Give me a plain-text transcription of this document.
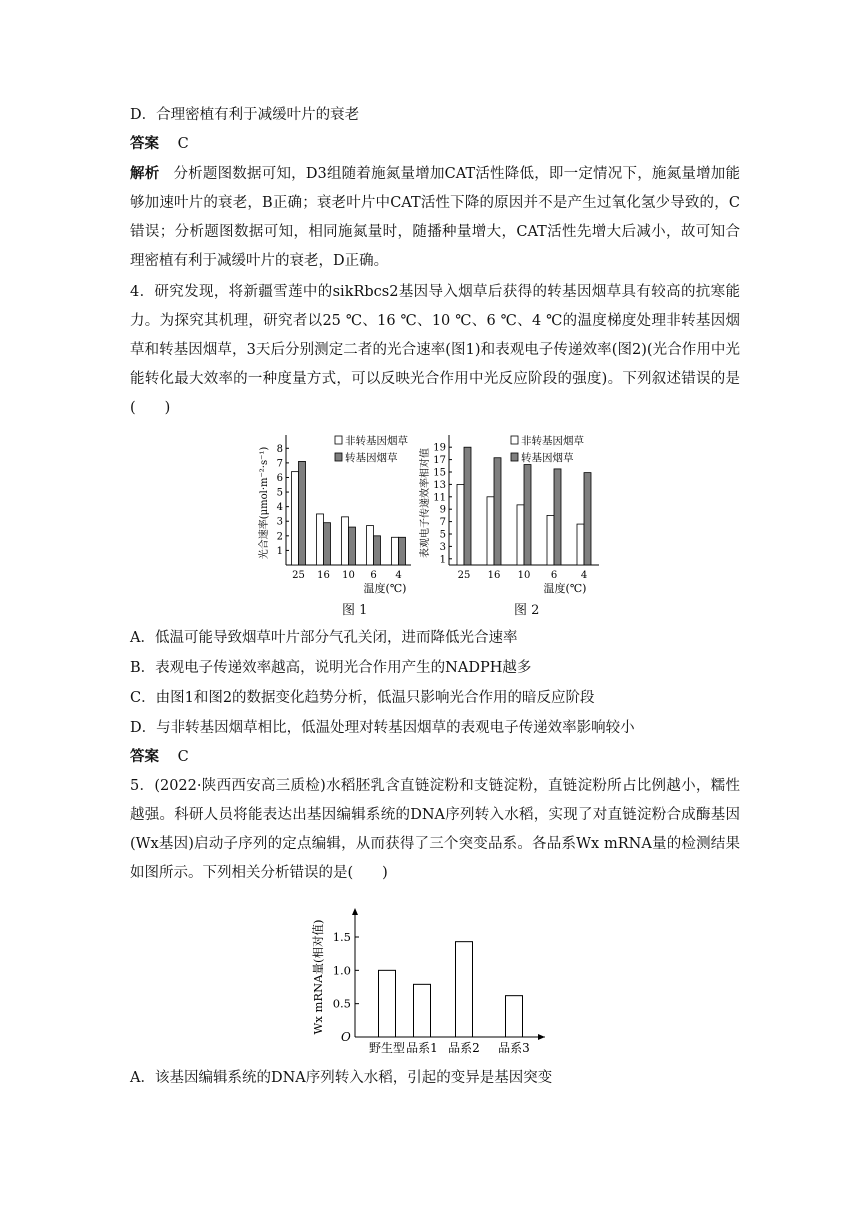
D．合理密植有利于减缓叶片的衰老
答案 C

解析 分析题图数据可知，D3组随着施氮量增加CAT活性降低，即一定情况下，施氮量增加能够加速叶片的衰老，B正确；衰老叶片中CAT活性下降的原因并不是产生过氧化氢少导致的，C错误；分析题图数据可知，相同施氮量时，随播种量增大，CAT活性先增大后减小，故可知合理密植有利于减缓叶片的衰老，D正确。

4．研究发现，将新疆雪莲中的sikRbcs2基因导入烟草后获得的转基因烟草具有较高的抗寒能力。为探究其机理，研究者以25 ℃、16 ℃、10 ℃、6 ℃、4 ℃的温度梯度处理非转基因烟草和转基因烟草，3天后分别测定二者的光合速率(图1)和表观电子传递效率(图2)(光合作用中光能转化最大效率的一种度量方式，可以反映光合作用中光反应阶段的强度)。下列叙述错误的是(　　)

1
2
3
4
5
6
7
8
25 16 10 6 4
温度(℃)
光合速率(μmol·m⁻²·s⁻¹)
非转基因烟草
转基因烟草
1
3
5
7
9
11
13
15
17
19
25 16 10 6 4
温度(℃)
表观电子传递效率相对值
非转基因烟草
转基因烟草
图 1	图 2
A．低温可能导致烟草叶片部分气孔关闭，进而降低光合速率
B．表观电子传递效率越高，说明光合作用产生的NADPH越多
C．由图1和图2的数据变化趋势分析，低温只影响光合作用的暗反应阶段
D．与非转基因烟草相比，低温处理对转基因烟草的表观电子传递效率影响较小
答案 C

5．(2022·陕西西安高三质检)水稻胚乳含直链淀粉和支链淀粉，直链淀粉所占比例越小，糯性越强。科研人员将能表达出基因编辑系统的DNA序列转入水稻，实现了对直链淀粉合成酶基因(Wx基因)启动子序列的定点编辑，从而获得了三个突变品系。各品系Wx mRNA量的检测结果如图所示。下列相关分析错误的是(　　)

0.5
1.0
1.5
O
野生型 品系1 品系2 品系3
Wx mRNA量(相对值)
A．该基因编辑系统的DNA序列转入水稻，引起的变异是基因突变
